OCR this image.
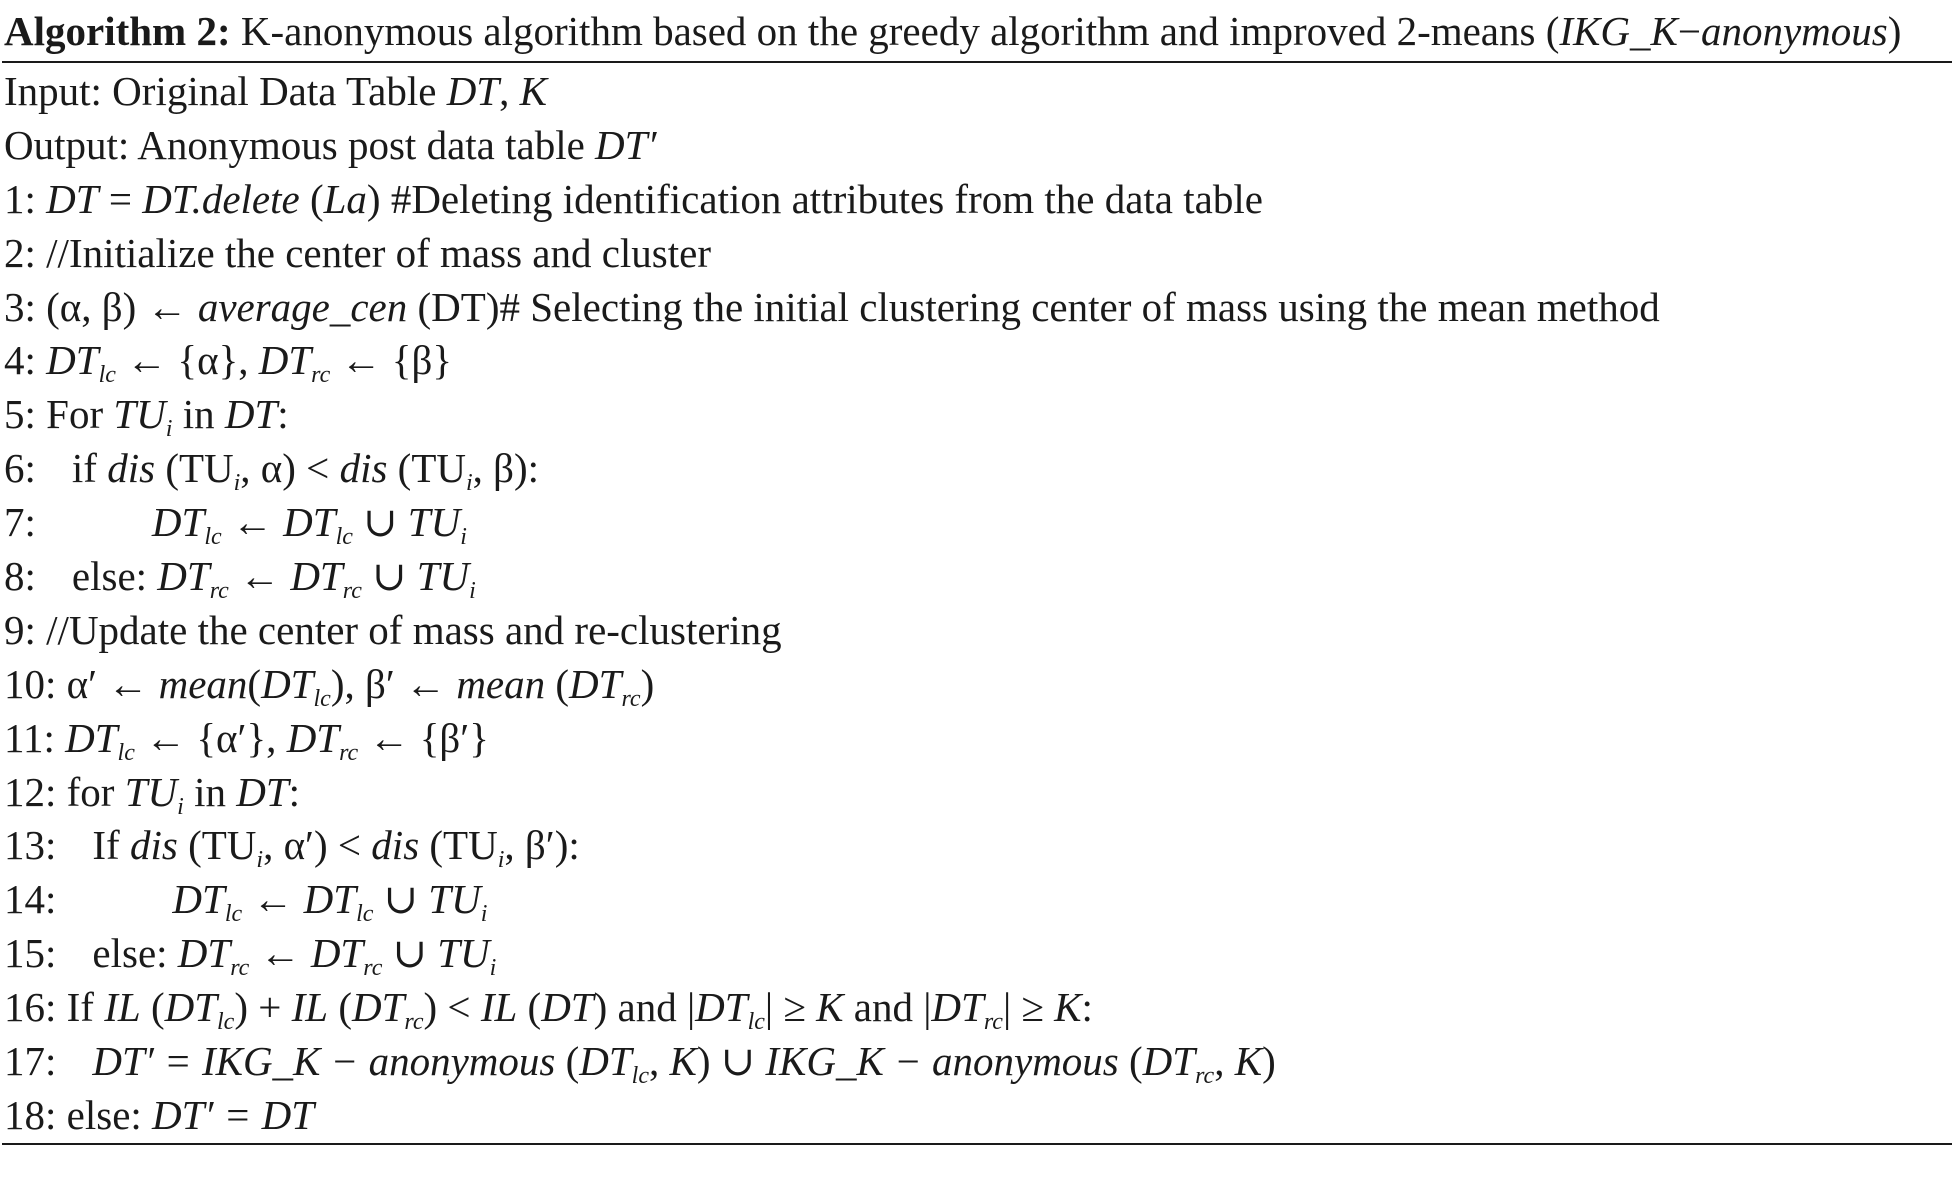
Algorithm 2: K-anonymous algorithm based on the greedy algorithm and improved 2-means (IKG_K−anonymous)
Input: Original Data Table DT, K
Output: Anonymous post data table DT′
1: DT = DT.delete (La) #Deleting identification attributes from the data table
2: //Initialize the center of mass and cluster
3: (α, β) ← average_cen (DT)# Selecting the initial clustering center of mass using the mean method
4: $DT_{lc}$ ← {α}, $DT_{rc}$ ← {β}
5: For $TU_i$ in DT:
6: if dis ($TU_i$, α) < dis ($TU_i$, β):
7:	$DT_{lc}$ ← $DT_{lc}$ ∪ $TU_i$
8: else: $DT_{rc}$ ← $DT_{rc}$ ∪ $TU_i$
9: //Update the center of mass and re-clustering
10: α′ ← $mean(DT_{lc})$, β′ ← mean $(DT_{rc})$
11: $DT_{lc}$ ← {α′}, $DT_{rc}$ ← {β′}
12: for $TU_i$ in DT:
13: If dis ($TU_i$, α′) < dis ($TU_i$, β′):
14:	$DT_{lc}$ ← $DT_{lc}$ ∪ $TU_i$
15: else: $DT_{rc}$ ← $DT_{rc}$ ∪ $TU_i$
16: If IL $(DT_{lc})$ + IL $(DT_{rc})$ < IL (DT) and $|DT_{lc}| \ge K$ and $|DT_{rc}| \ge K$:
17: DT′ = IKG_K − anonymous ($DT_{lc}$, K) ∪ IKG_K − anonymous ($DT_{rc}$, K)
18: else: DT′ = DT
